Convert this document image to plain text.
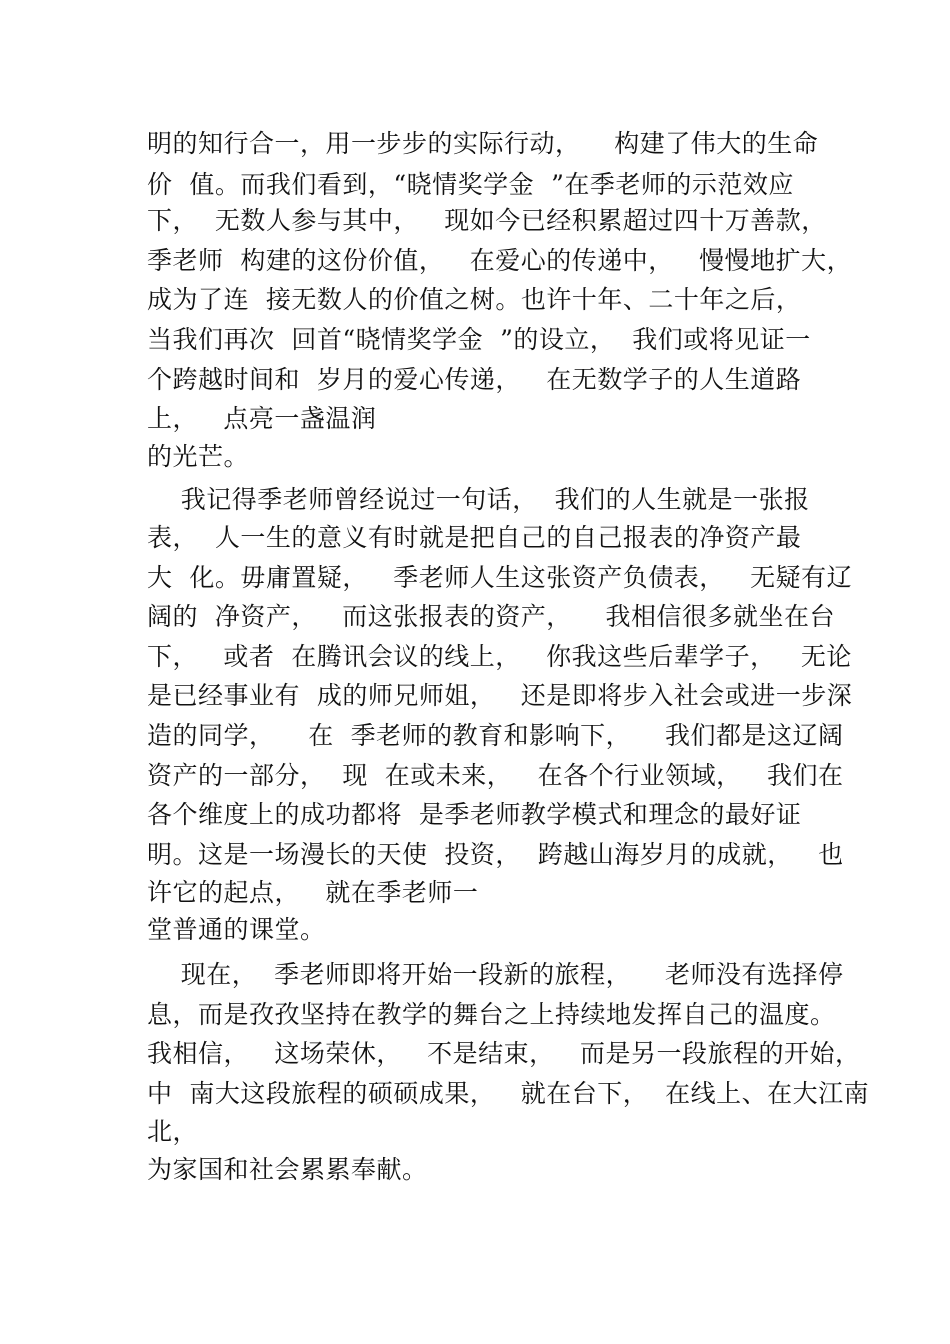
明的知行合一，用一步步的实际行动，    构建了伟大的生命
价  值。而我们看到，“晓情奖学金  ”在季老师的示范效应
下，  无数人参与其中，   现如今已经积累超过四十万善款，
季老师  构建的这份价值，   在爱心的传递中，   慢慢地扩大，
成为了连  接无数人的价值之树。也许十年、二十年之后，
当我们再次  回首“晓情奖学金  ”的设立，  我们或将见证一
个跨越时间和  岁月的爱心传递，   在无数学子的人生道路
上，   点亮一盏温润
的光芒。
我记得季老师曾经说过一句话，  我们的人生就是一张报
表，  人一生的意义有时就是把自己的自己报表的净资产最
大  化。毋庸置疑，   季老师人生这张资产负债表，   无疑有辽
阔的  净资产，   而这张报表的资产，    我相信很多就坐在台
下，   或者  在腾讯会议的线上，   你我这些后辈学子，   无论
是已经事业有  成的师兄师姐，   还是即将步入社会或进一步深
造的同学，    在  季老师的教育和影响下，    我们都是这辽阔
资产的一部分，  现  在或未来，   在各个行业领域，   我们在
各个维度上的成功都将  是季老师教学模式和理念的最好证
明。这是一场漫长的天使  投资，  跨越山海岁月的成就，   也
许它的起点，   就在季老师一
堂普通的课堂。
现在，  季老师即将开始一段新的旅程，    老师没有选择停
息，而是孜孜坚持在教学的舞台之上持续地发挥自己的温度。
我相信，   这场荣休，   不是结束，   而是另一段旅程的开始，
中  南大这段旅程的硕硕成果，   就在台下，  在线上、在大江南
北，
为家国和社会累累奉献。
